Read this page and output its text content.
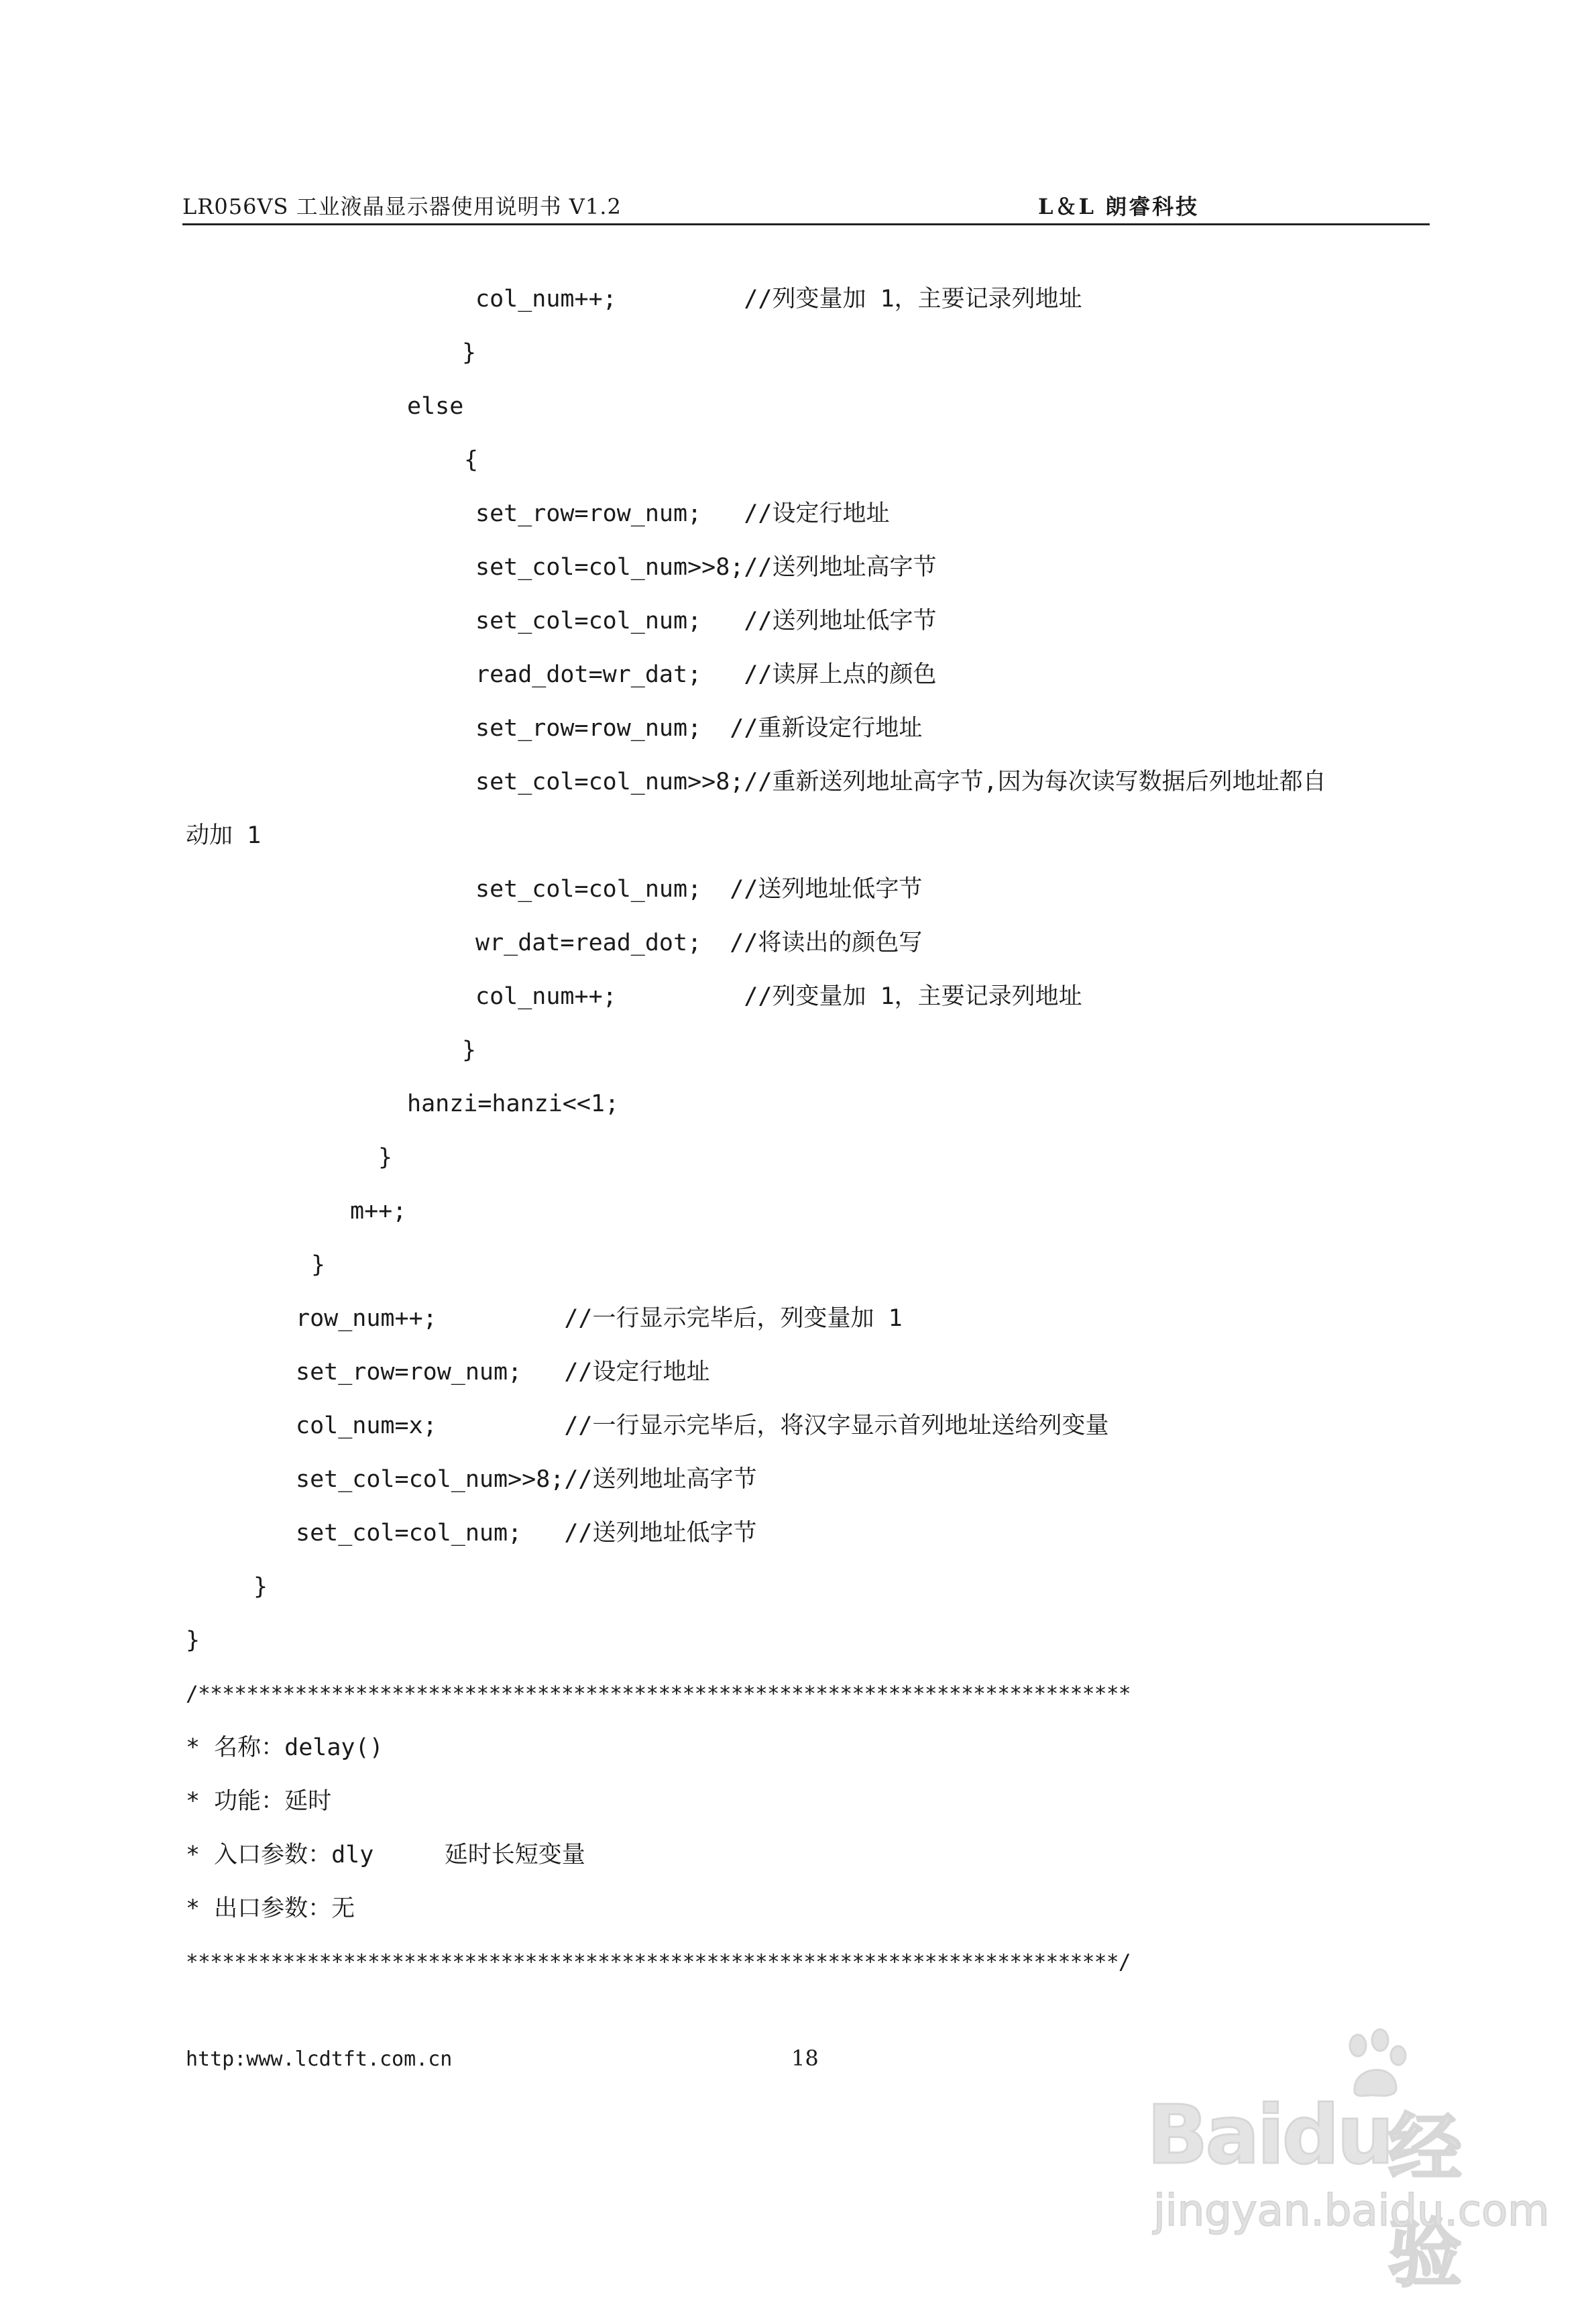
LR056VS 工业液晶显示器使用说明书 V1.2	L＆L 朗睿科技
col_num++;         //列变量加 1，主要记录列地址
}
else
{
set_row=row_num;   //设定行地址
set_col=col_num>>8;//送列地址高字节
set_col=col_num;   //送列地址低字节
read_dot=wr_dat;   //读屏上点的颜色
set_row=row_num;  //重新设定行地址
set_col=col_num>>8;//重新送列地址高字节,因为每次读写数据后列地址都自
动加 1
set_col=col_num;  //送列地址低字节
wr_dat=read_dot;  //将读出的颜色写
col_num++;         //列变量加 1，主要记录列地址
}
hanzi=hanzi<<1;
}
m++;
}
row_num++;         //一行显示完毕后，列变量加 1
set_row=row_num;   //设定行地址
col_num=x;         //一行显示完毕后，将汉字显示首列地址送给列变量
set_col=col_num>>8;//送列地址高字节
set_col=col_num;   //送列地址低字节
}
}
/*****************************************************************************
* 名称：delay()
* 功能：延时
* 入口参数：dly     延时长短变量
* 出口参数：无
*****************************************************************************/
http:www.lcdtft.com.cn	18
Baidu
经验
jingyan.baidu.com
